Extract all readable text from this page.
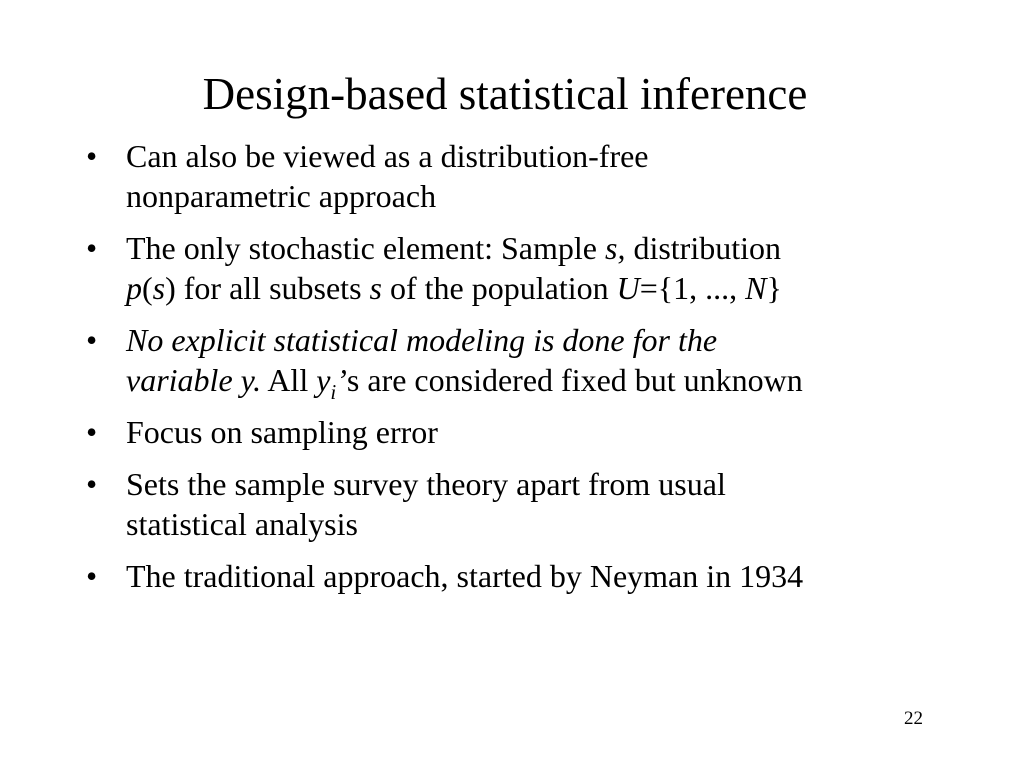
Design-based statistical inference
• Can also be viewed as a distribution-free
nonparametric approach
• The only stochastic element: Sample s, distribution
p(s) for all subsets s of the population U={1, ..., N}
• No explicit statistical modeling is done for the
variable y. All $y_i’s$ are considered fixed but unknown
• Focus on sampling error
• Sets the sample survey theory apart from usual
statistical analysis
• The traditional approach, started by Neyman in 1934
22
